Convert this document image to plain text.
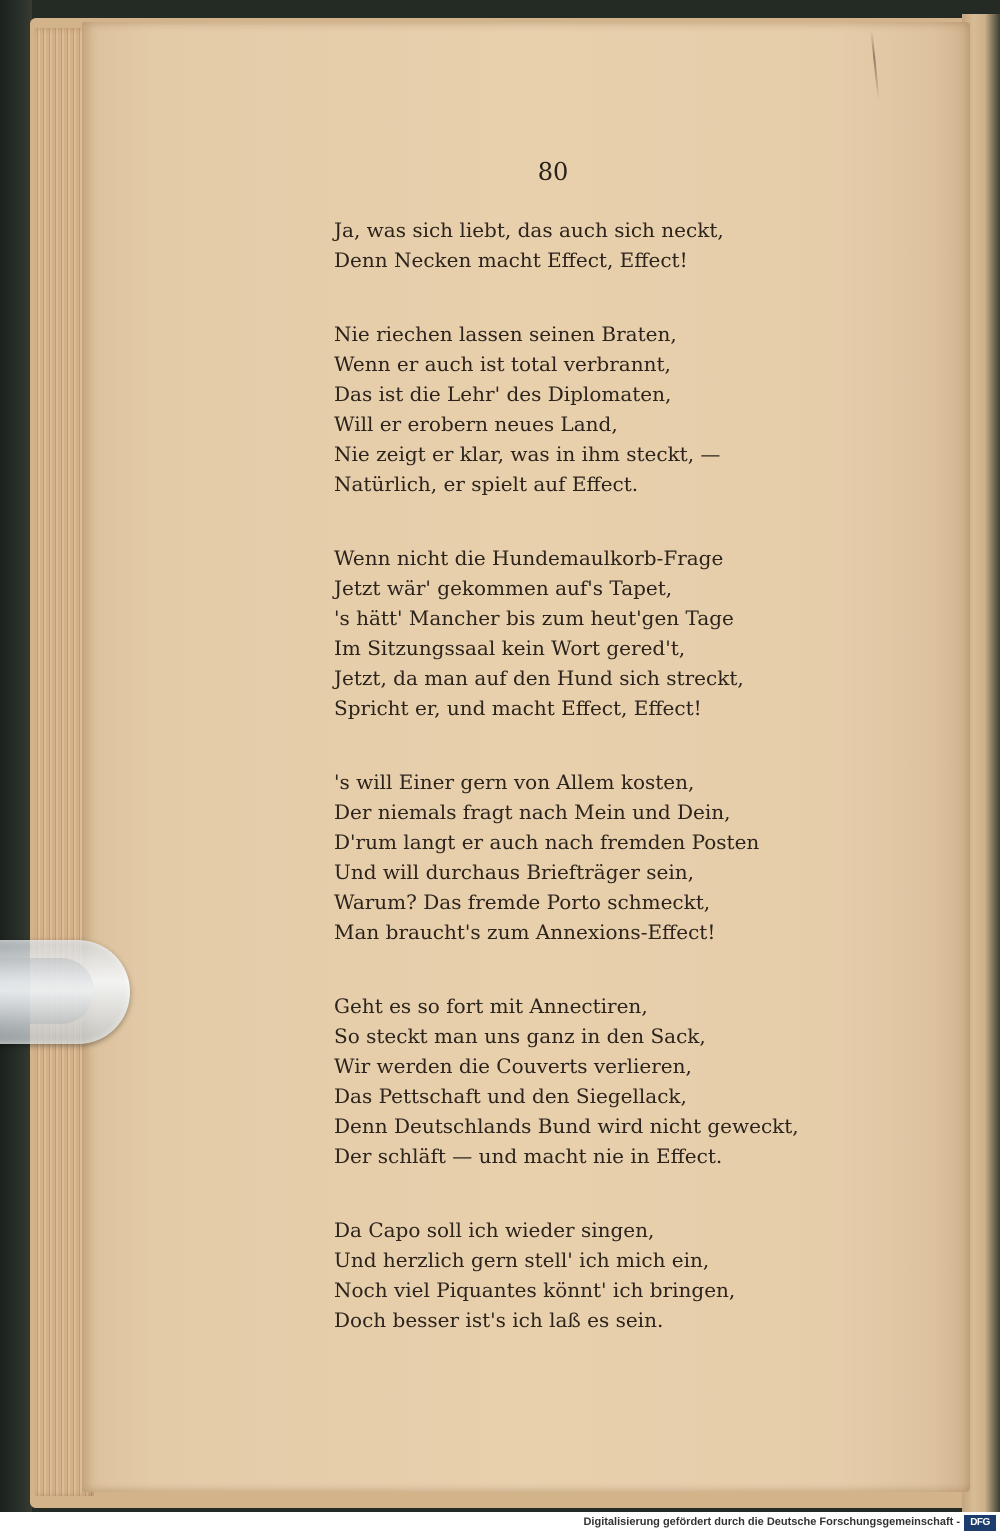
80
Ja, was sich liebt, das auch sich neckt,
Denn Necken macht Effect, Effect!
Nie riechen lassen seinen Braten,
Wenn er auch ist total verbrannt,
Das ist die Lehr' des Diplomaten,
Will er erobern neues Land,
Nie zeigt er klar, was in ihm steckt, —
Natürlich, er spielt auf Effect.
Wenn nicht die Hundemaulkorb-Frage
Jetzt wär' gekommen auf's Tapet,
's hätt' Mancher bis zum heut'gen Tage
Im Sitzungssaal kein Wort gered't,
Jetzt, da man auf den Hund sich streckt,
Spricht er, und macht Effect, Effect!
's will Einer gern von Allem kosten,
Der niemals fragt nach Mein und Dein,
D'rum langt er auch nach fremden Posten
Und will durchaus Briefträger sein,
Warum? Das fremde Porto schmeckt,
Man braucht's zum Annexions-Effect!
Geht es so fort mit Annectiren,
So steckt man uns ganz in den Sack,
Wir werden die Couverts verlieren,
Das Pettschaft und den Siegellack,
Denn Deutschlands Bund wird nicht geweckt,
Der schläft — und macht nie in Effect.
Da Capo soll ich wieder singen,
Und herzlich gern stell' ich mich ein,
Noch viel Piquantes könnt' ich bringen,
Doch besser ist's ich laß es sein.
Digitalisierung gefördert durch die Deutsche Forschungsgemeinschaft -	DFG
